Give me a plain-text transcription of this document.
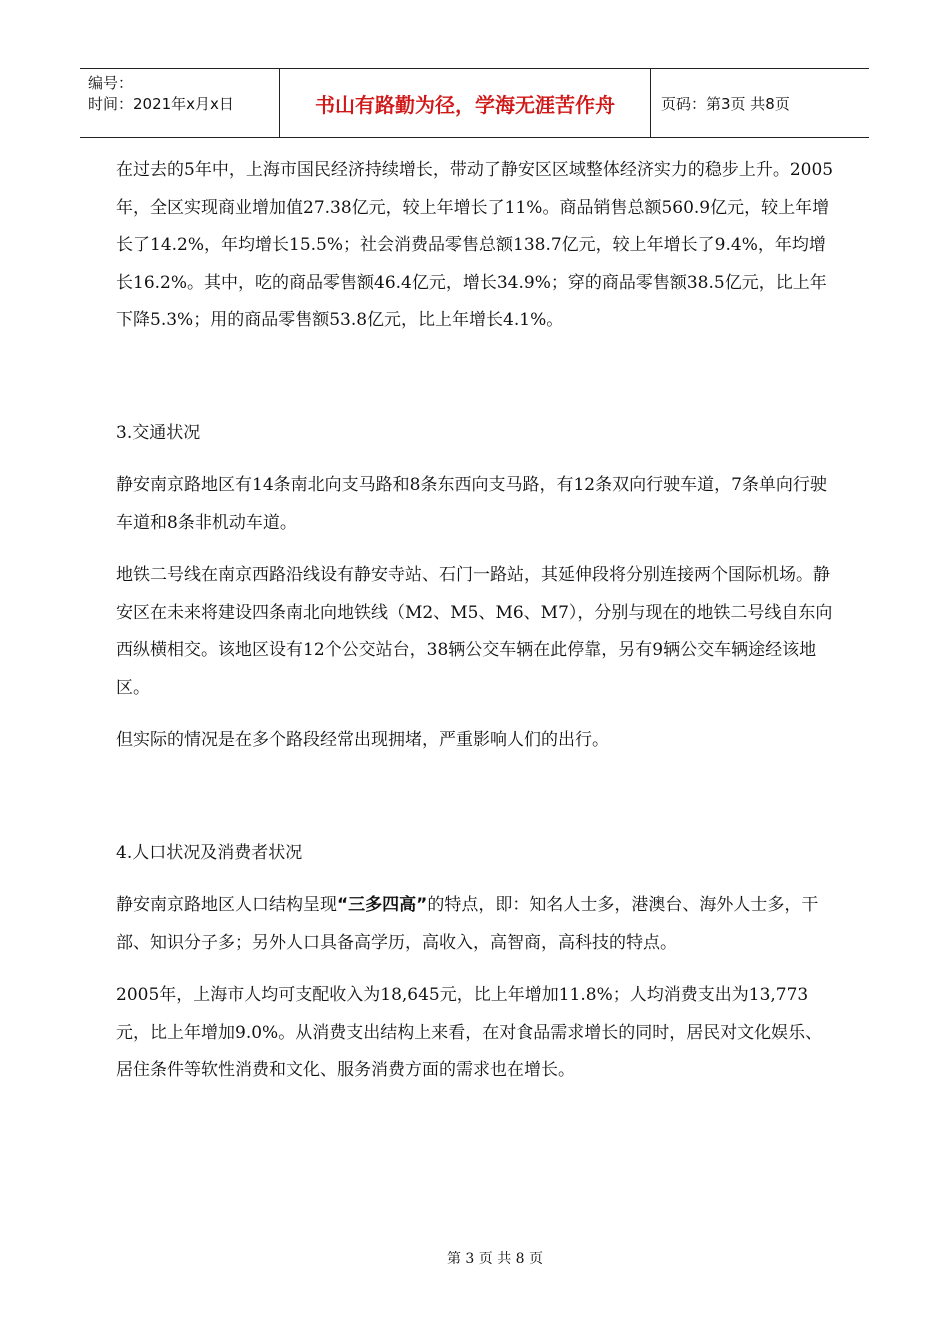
编号：
时间：2021年x月x日	书山有路勤为径，学海无涯苦作舟	页码：第3页 共8页

在过去的5年中，上海市国民经济持续增长，带动了静安区区域整体经济实力的稳步上升。2005年，全区实现商业增加值27.38亿元，较上年增长了11%。商品销售总额560.9亿元，较上年增长了14.2%，年均增长15.5%；社会消费品零售总额138.7亿元，较上年增长了9.4%，年均增长16.2%。其中，吃的商品零售额46.4亿元，增长34.9%；穿的商品零售额38.5亿元，比上年下降5.3%；用的商品零售额53.8亿元，比上年增长4.1%。

3.交通状况

静安南京路地区有14条南北向支马路和8条东西向支马路，有12条双向行驶车道，7条单向行驶车道和8条非机动车道。

地铁二号线在南京西路沿线设有静安寺站、石门一路站，其延伸段将分别连接两个国际机场。静安区在未来将建设四条南北向地铁线（M2、M5、M6、M7），分别与现在的地铁二号线自东向西纵横相交。该地区设有12个公交站台，38辆公交车辆在此停靠，另有9辆公交车辆途经该地区。

但实际的情况是在多个路段经常出现拥堵，严重影响人们的出行。

4.人口状况及消费者状况

静安南京路地区人口结构呈现“三多四高”的特点，即：知名人士多，港澳台、海外人士多，干部、知识分子多；另外人口具备高学历，高收入，高智商，高科技的特点。

2005年，上海市人均可支配收入为18,645元，比上年增加11.8%；人均消费支出为13,773元，比上年增加9.0%。从消费支出结构上来看，在对食品需求增长的同时，居民对文化娱乐、居住条件等软性消费和文化、服务消费方面的需求也在增长。

第 3 页 共 8 页
